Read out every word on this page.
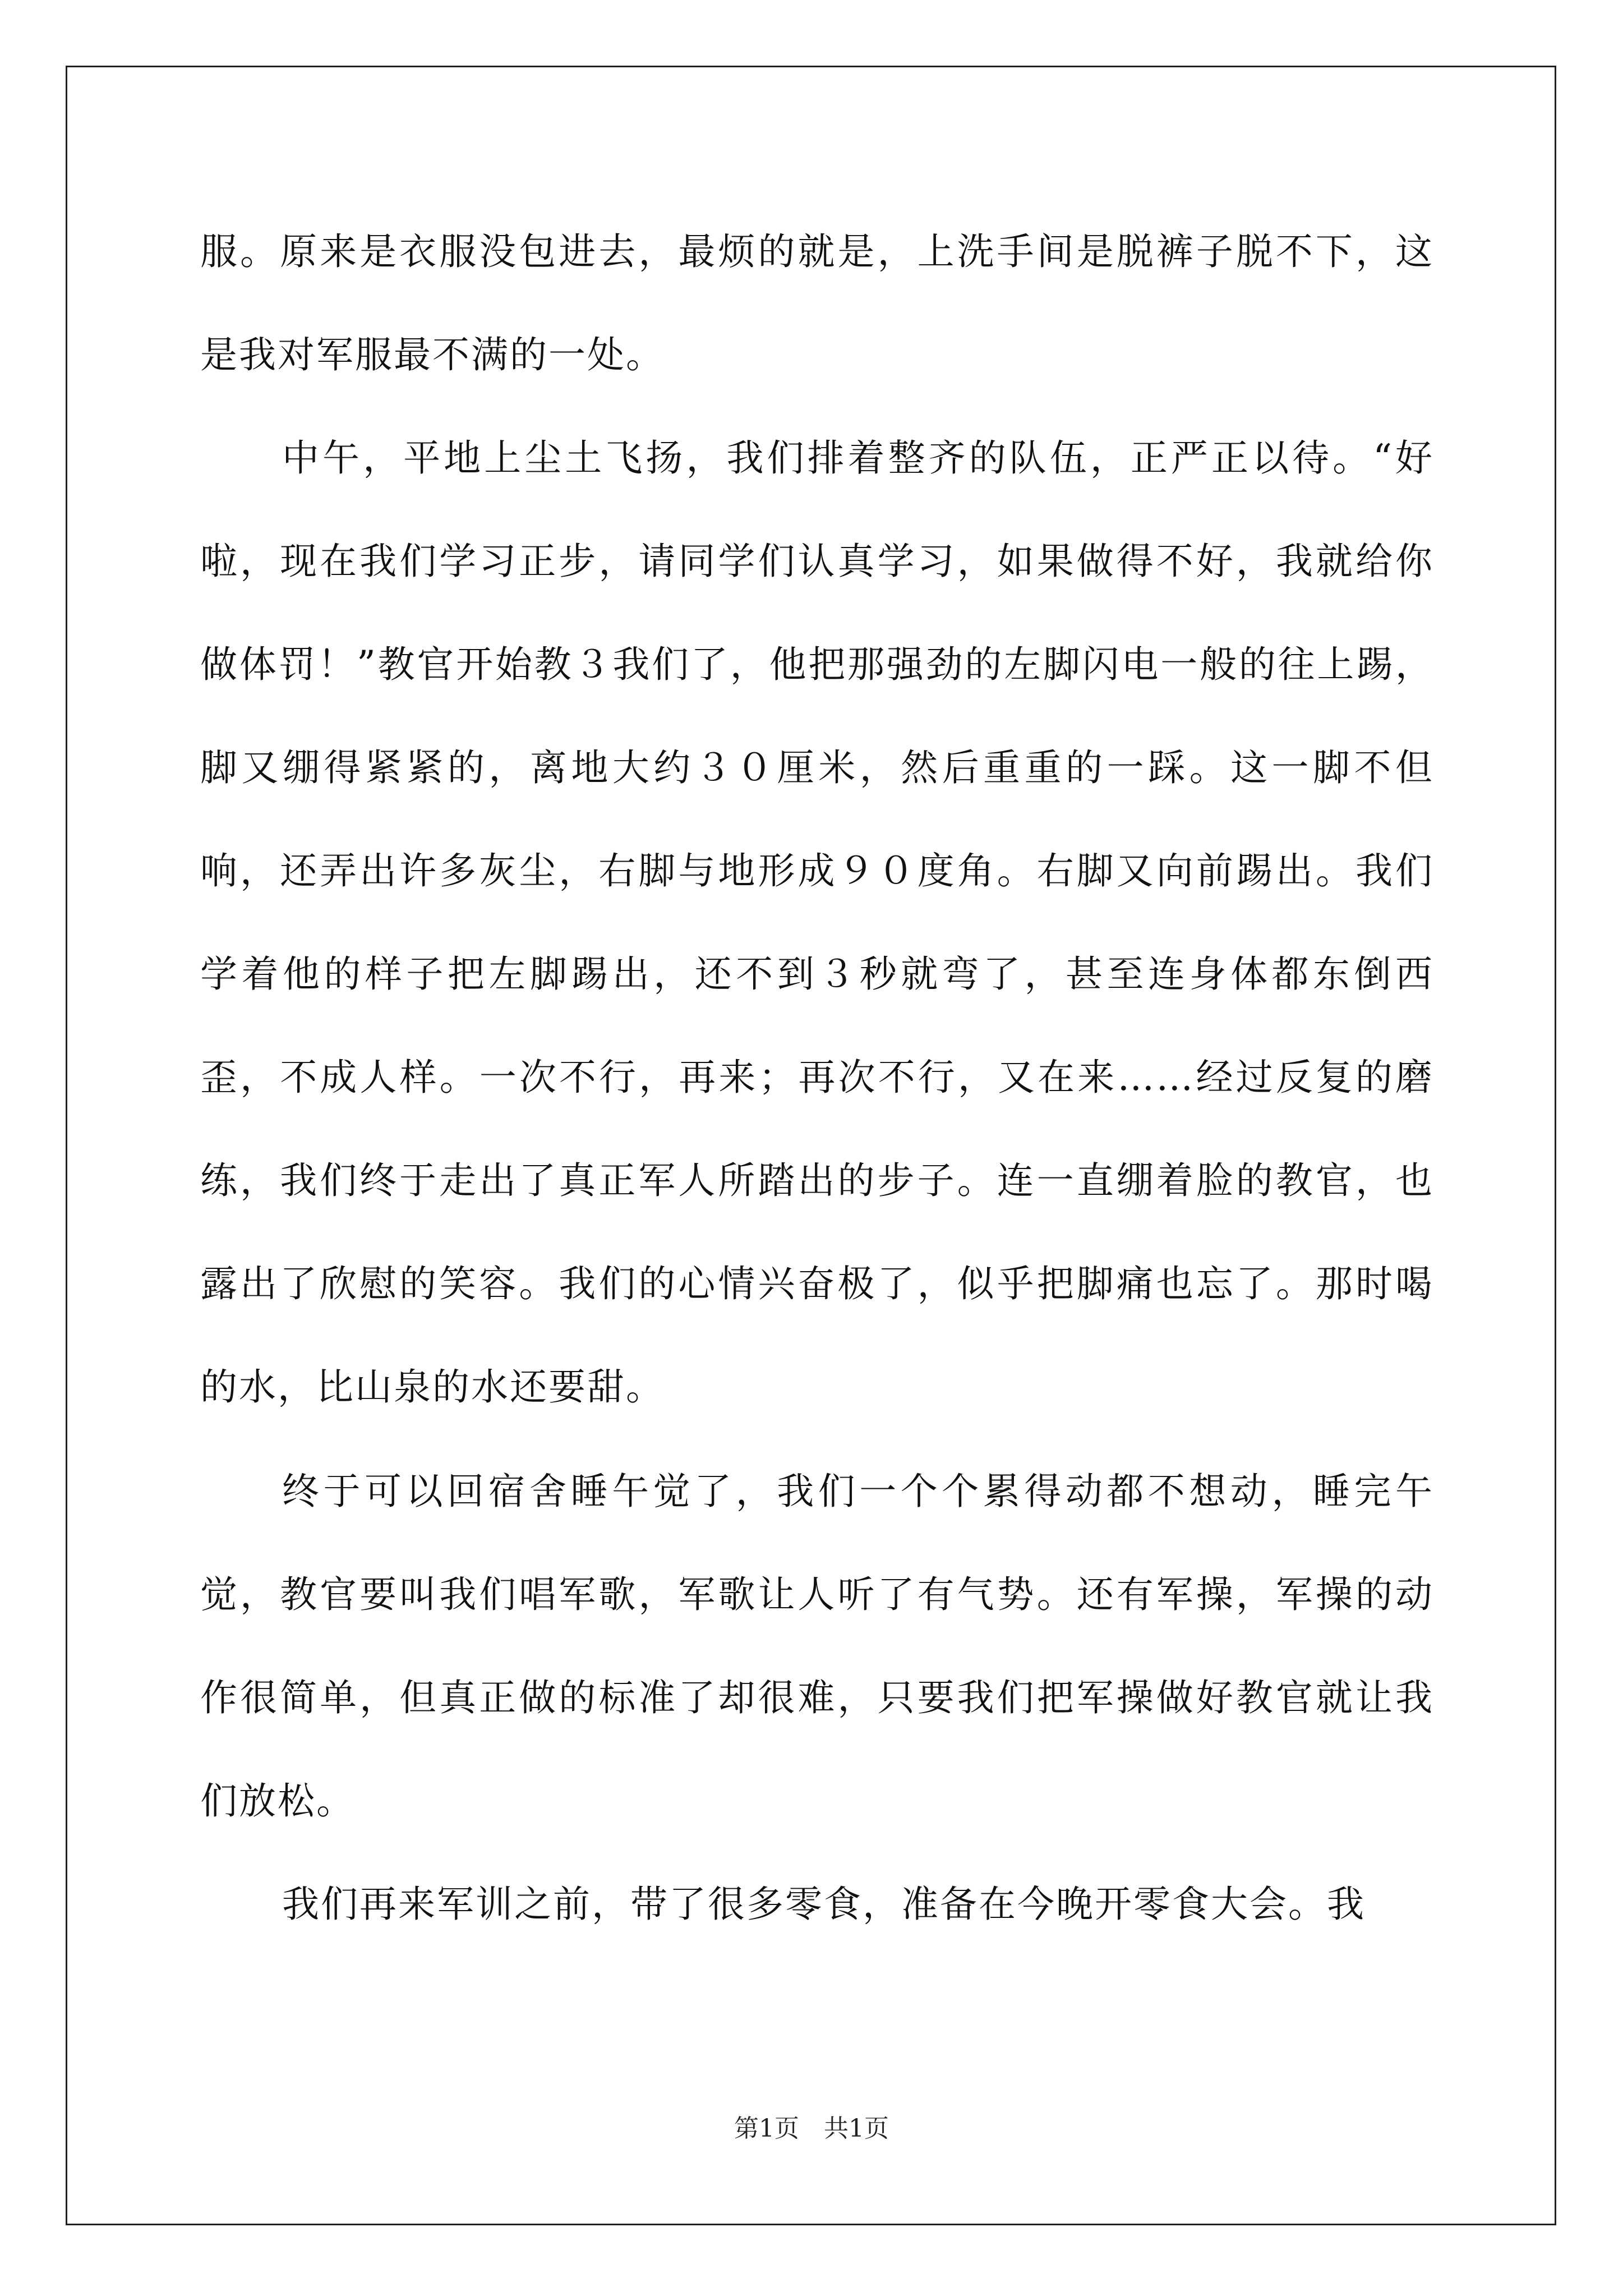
服。原来是衣服没包进去，最烦的就是，上洗手间是脱裤子脱不下，这是我对军服最不满的一处。

中午，平地上尘土飞扬，我们排着整齐的队伍，正严正以待。“好啦，现在我们学习正步，请同学们认真学习，如果做得不好，我就给你做体罚！”教官开始教３我们了，他把那强劲的左脚闪电一般的往上踢，脚又绷得紧紧的，离地大约３０厘米，然后重重的一踩。这一脚不但响，还弄出许多灰尘，右脚与地形成９０度角。右脚又向前踢出。我们学着他的样子把左脚踢出，还不到３秒就弯了，甚至连身体都东倒西歪，不成人样。一次不行，再来；再次不行，又在来……经过反复的磨练，我们终于走出了真正军人所踏出的步子。连一直绷着脸的教官，也露出了欣慰的笑容。我们的心情兴奋极了，似乎把脚痛也忘了。那时喝的水，比山泉的水还要甜。

终于可以回宿舍睡午觉了，我们一个个累得动都不想动，睡完午觉，教官要叫我们唱军歌，军歌让人听了有气势。还有军操，军操的动作很简单，但真正做的标准了却很难，只要我们把军操做好教官就让我们放松。

我们再来军训之前，带了很多零食，准备在今晚开零食大会。我

第1页　共1页
